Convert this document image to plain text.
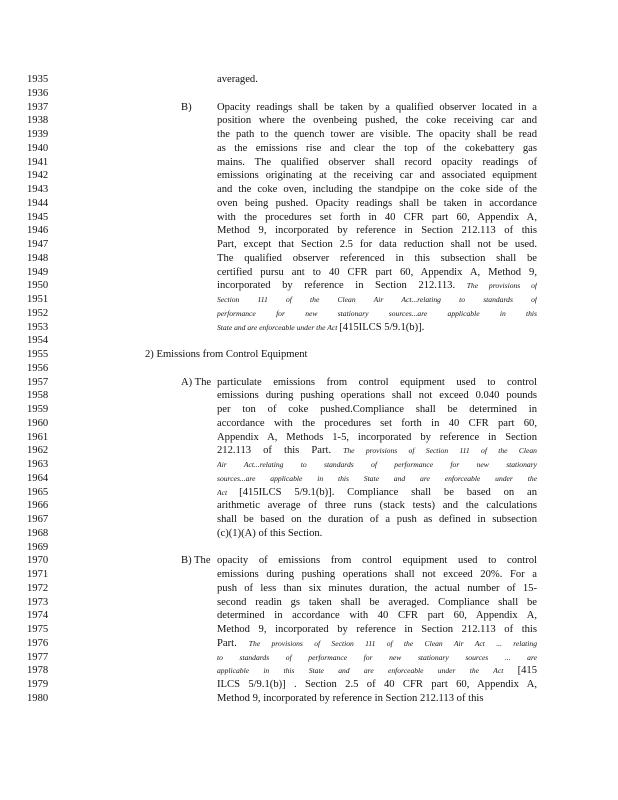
1935	averaged.
1936
1937	B) Opacity readings shall be taken by a qualified observer located in a
1938	position where the ovenbeing pushed, the coke receiving car and
1939	the path to the quench tower are visible. The opacity shall be read
1940	as the emissions rise and clear the top of the cokebattery gas
1941	mains. The qualified observer shall record opacity readings of
1942	emissions originating at the receiving car and associated equipment
1943	and the coke oven, including the standpipe on the coke side of the
1944	oven being pushed. Opacity readings shall be taken in accordance
1945	with the procedures set forth in 40 CFR part 60, Appendix A,
1946	Method 9, incorporated by reference in Section 212.113 of this
1947	Part, except that Section 2.5 for data reduction shall not be used.
1948	The qualified observer referenced in this subsection shall be
1949	certified pursu ant to 40 CFR part 60, Appendix A, Method 9,
1950	incorporated by reference in Section 212.113. The provisions of
1951	Section 111 of the Clean Air Act...relating to standards of
1952	performance for new stationary sources...are applicable in this
1953	State and are enforceable under the Act [415ILCS 5/9.1(b)].
1954
1955	2) Emissions from Control Equipment
1956
1957	A) The particulate emissions from control equipment used to control
1958	emissions during pushing operations shall not exceed 0.040 pounds
1959	per ton of coke pushed.Compliance shall be determined in
1960	accordance with the procedures set forth in 40 CFR part 60,
1961	Appendix A, Methods 1-5, incorporated by reference in Section
1962	212.113 of this Part. The provisions of Section 111 of the Clean
1963	Air Act...relating to standards of performance for new stationary
1964	sources...are applicable in this State and are enforceable under the
1965	Act [415ILCS 5/9.1(b)]. Compliance shall be based on an
1966	arithmetic average of three runs (stack tests) and the calculations
1967	shall be based on the duration of a push as defined in subsection
1968	(c)(1)(A) of this Section.
1969
1970	B) The opacity of emissions from control equipment used to control
1971	emissions during pushing operations shall not exceed 20%. For a
1972	push of less than six minutes duration, the actual number of 15-
1973	second readin gs taken shall be averaged. Compliance shall be
1974	determined in accordance with 40 CFR part 60, Appendix A,
1975	Method 9, incorporated by reference in Section 212.113 of this
1976	Part. The provisions of Section 111 of the Clean Air Act ... relating
1977	to standards of performance for new stationary sources ... are
1978	applicable in this State and are enforceable under the Act [415
1979	ILCS 5/9.1(b)] . Section 2.5 of 40 CFR part 60, Appendix A,
1980	Method 9, incorporated by reference in Section 212.113 of this
